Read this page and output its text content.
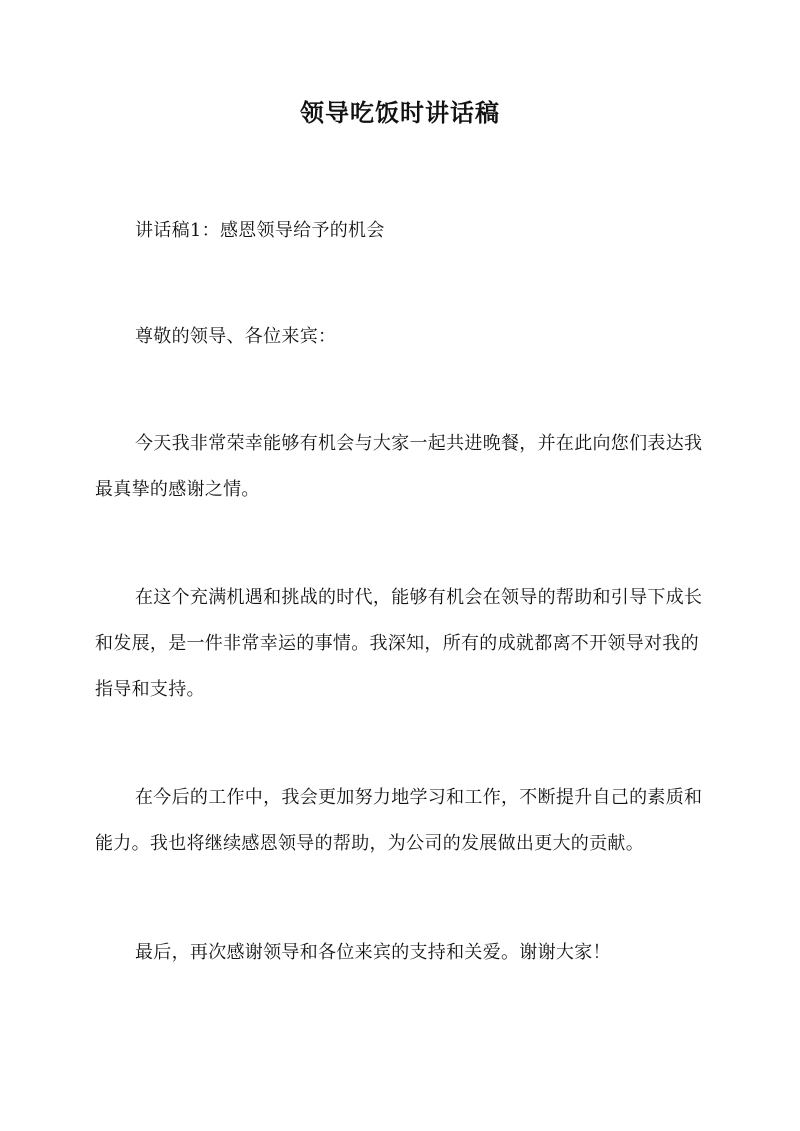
领导吃饭时讲话稿

讲话稿1：感恩领导给予的机会

尊敬的领导、各位来宾：

今天我非常荣幸能够有机会与大家一起共进晚餐，并在此向您们表达我最真挚的感谢之情。

在这个充满机遇和挑战的时代，能够有机会在领导的帮助和引导下成长和发展，是一件非常幸运的事情。我深知，所有的成就都离不开领导对我的指导和支持。

在今后的工作中，我会更加努力地学习和工作，不断提升自己的素质和能力。我也将继续感恩领导的帮助，为公司的发展做出更大的贡献。

最后，再次感谢领导和各位来宾的支持和关爱。谢谢大家！
